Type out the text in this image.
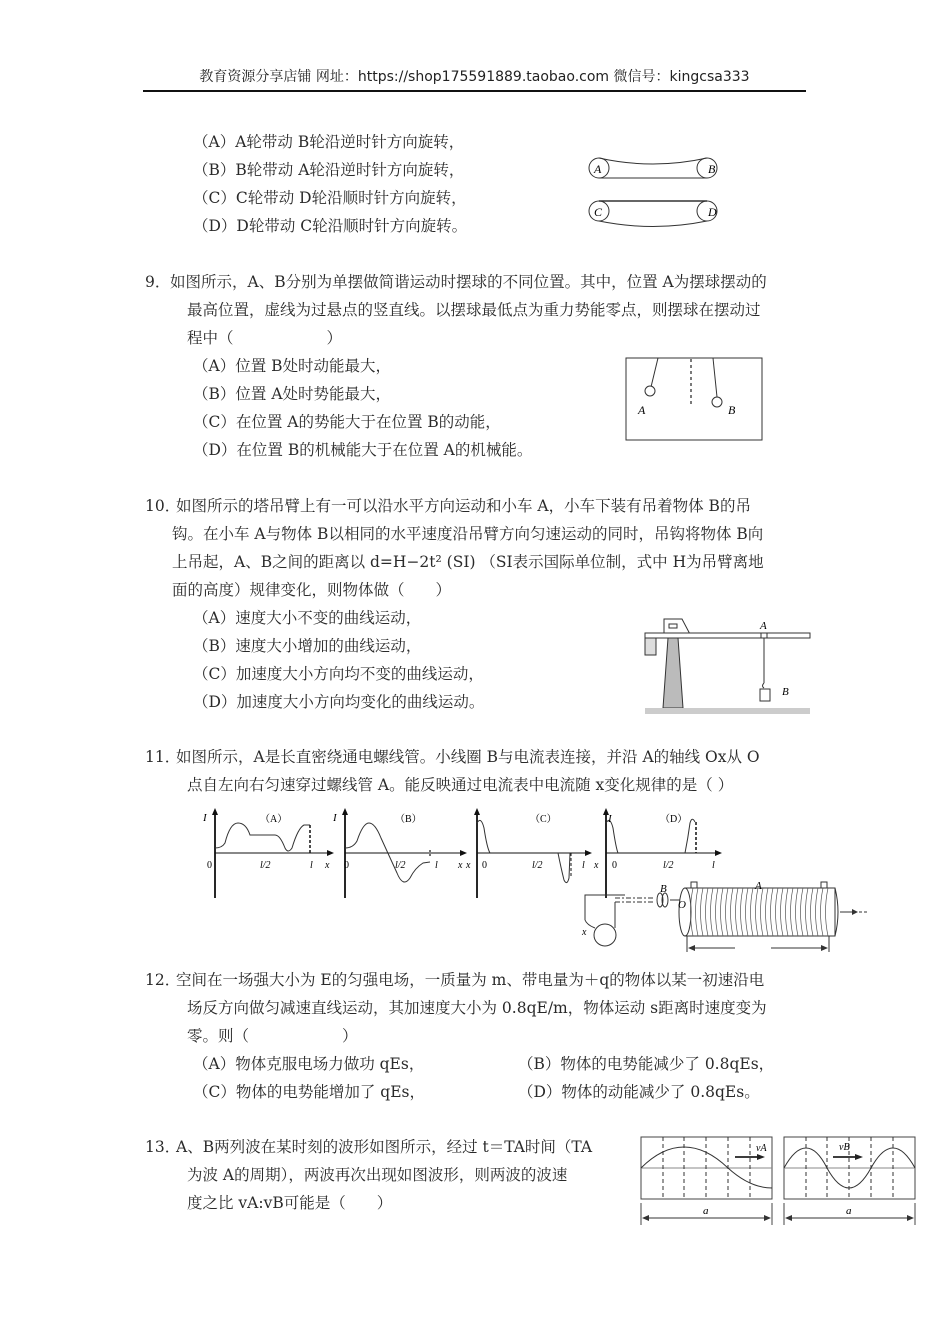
教育资源分享店铺 网址：https://shop175591889.taobao.com 微信号：kingcsa333
（A）A轮带动 B轮沿逆时针方向旋转，
（B）B轮带动 A轮沿逆时针方向旋转，
（C）C轮带动 D轮沿顺时针方向旋转，
（D）D轮带动 C轮沿顺时针方向旋转。
A	B
C	D
9． 如图所示，A、B分别为单摆做简谐运动时摆球的不同位置。其中，位置 A为摆球摆动的
最高位置，虚线为过悬点的竖直线。以摆球最低点为重力势能零点，则摆球在摆动过
程中（　　　　　　）
（A）位置 B处时动能最大，
（B）位置 A处时势能最大，
（C）在位置 A的势能大于在位置 B的动能，
（D）在位置 B的机械能大于在位置 A的机械能。
A	B
10．
如图所示的塔吊臂上有一可以沿水平方向运动和小车 A，小车下装有吊着物体 B的吊
钩。在小车 A与物体 B以相同的水平速度沿吊臂方向匀速运动的同时，吊钩将物体 B向
上吊起，A、B之间的距离以 d=H−2t² (SI) （SI表示国际单位制，式中 H为吊臂离地
面的高度）规律变化，则物体做（　　）
（A）速度大小不变的曲线运动，
（B）速度大小增加的曲线运动，
（C）加速度大小方向均不变的曲线运动，
（D）加速度大小方向均变化的曲线运动。
A
B
11．
如图所示，A是长直密绕通电螺线管。小线圈 B与电流表连接，并沿 A的轴线 Ox从 O
点自左向右匀速穿过螺线管 A。能反映通过电流表中电流随 x变化规律的是（ ）
I	（A）
0	l/2	l x
I	（B）
0	l/2	l x x
（C）
0	l/2	l x
I	（D）
0	l/2	l
B	A
O
x
12．
空间在一场强大小为 E的匀强电场，一质量为 m、带电量为＋q的物体以某一初速沿电
场反方向做匀减速直线运动，其加速度大小为 0.8qE/m，物体运动 s距离时速度变为
零。则（　　　　　　）
（A）物体克服电场力做功 qEs，	（B）物体的电势能减少了 0.8qEs，
（C）物体的电势能增加了 qEs，	（D）物体的动能减少了 0.8qEs。
13．
A、B两列波在某时刻的波形如图所示，经过 t＝TA时间（TA
为波 A的周期），两波再次出现如图波形，则两波的波速
度之比 vA:vB可能是（　　）
vA
a
vB
a
